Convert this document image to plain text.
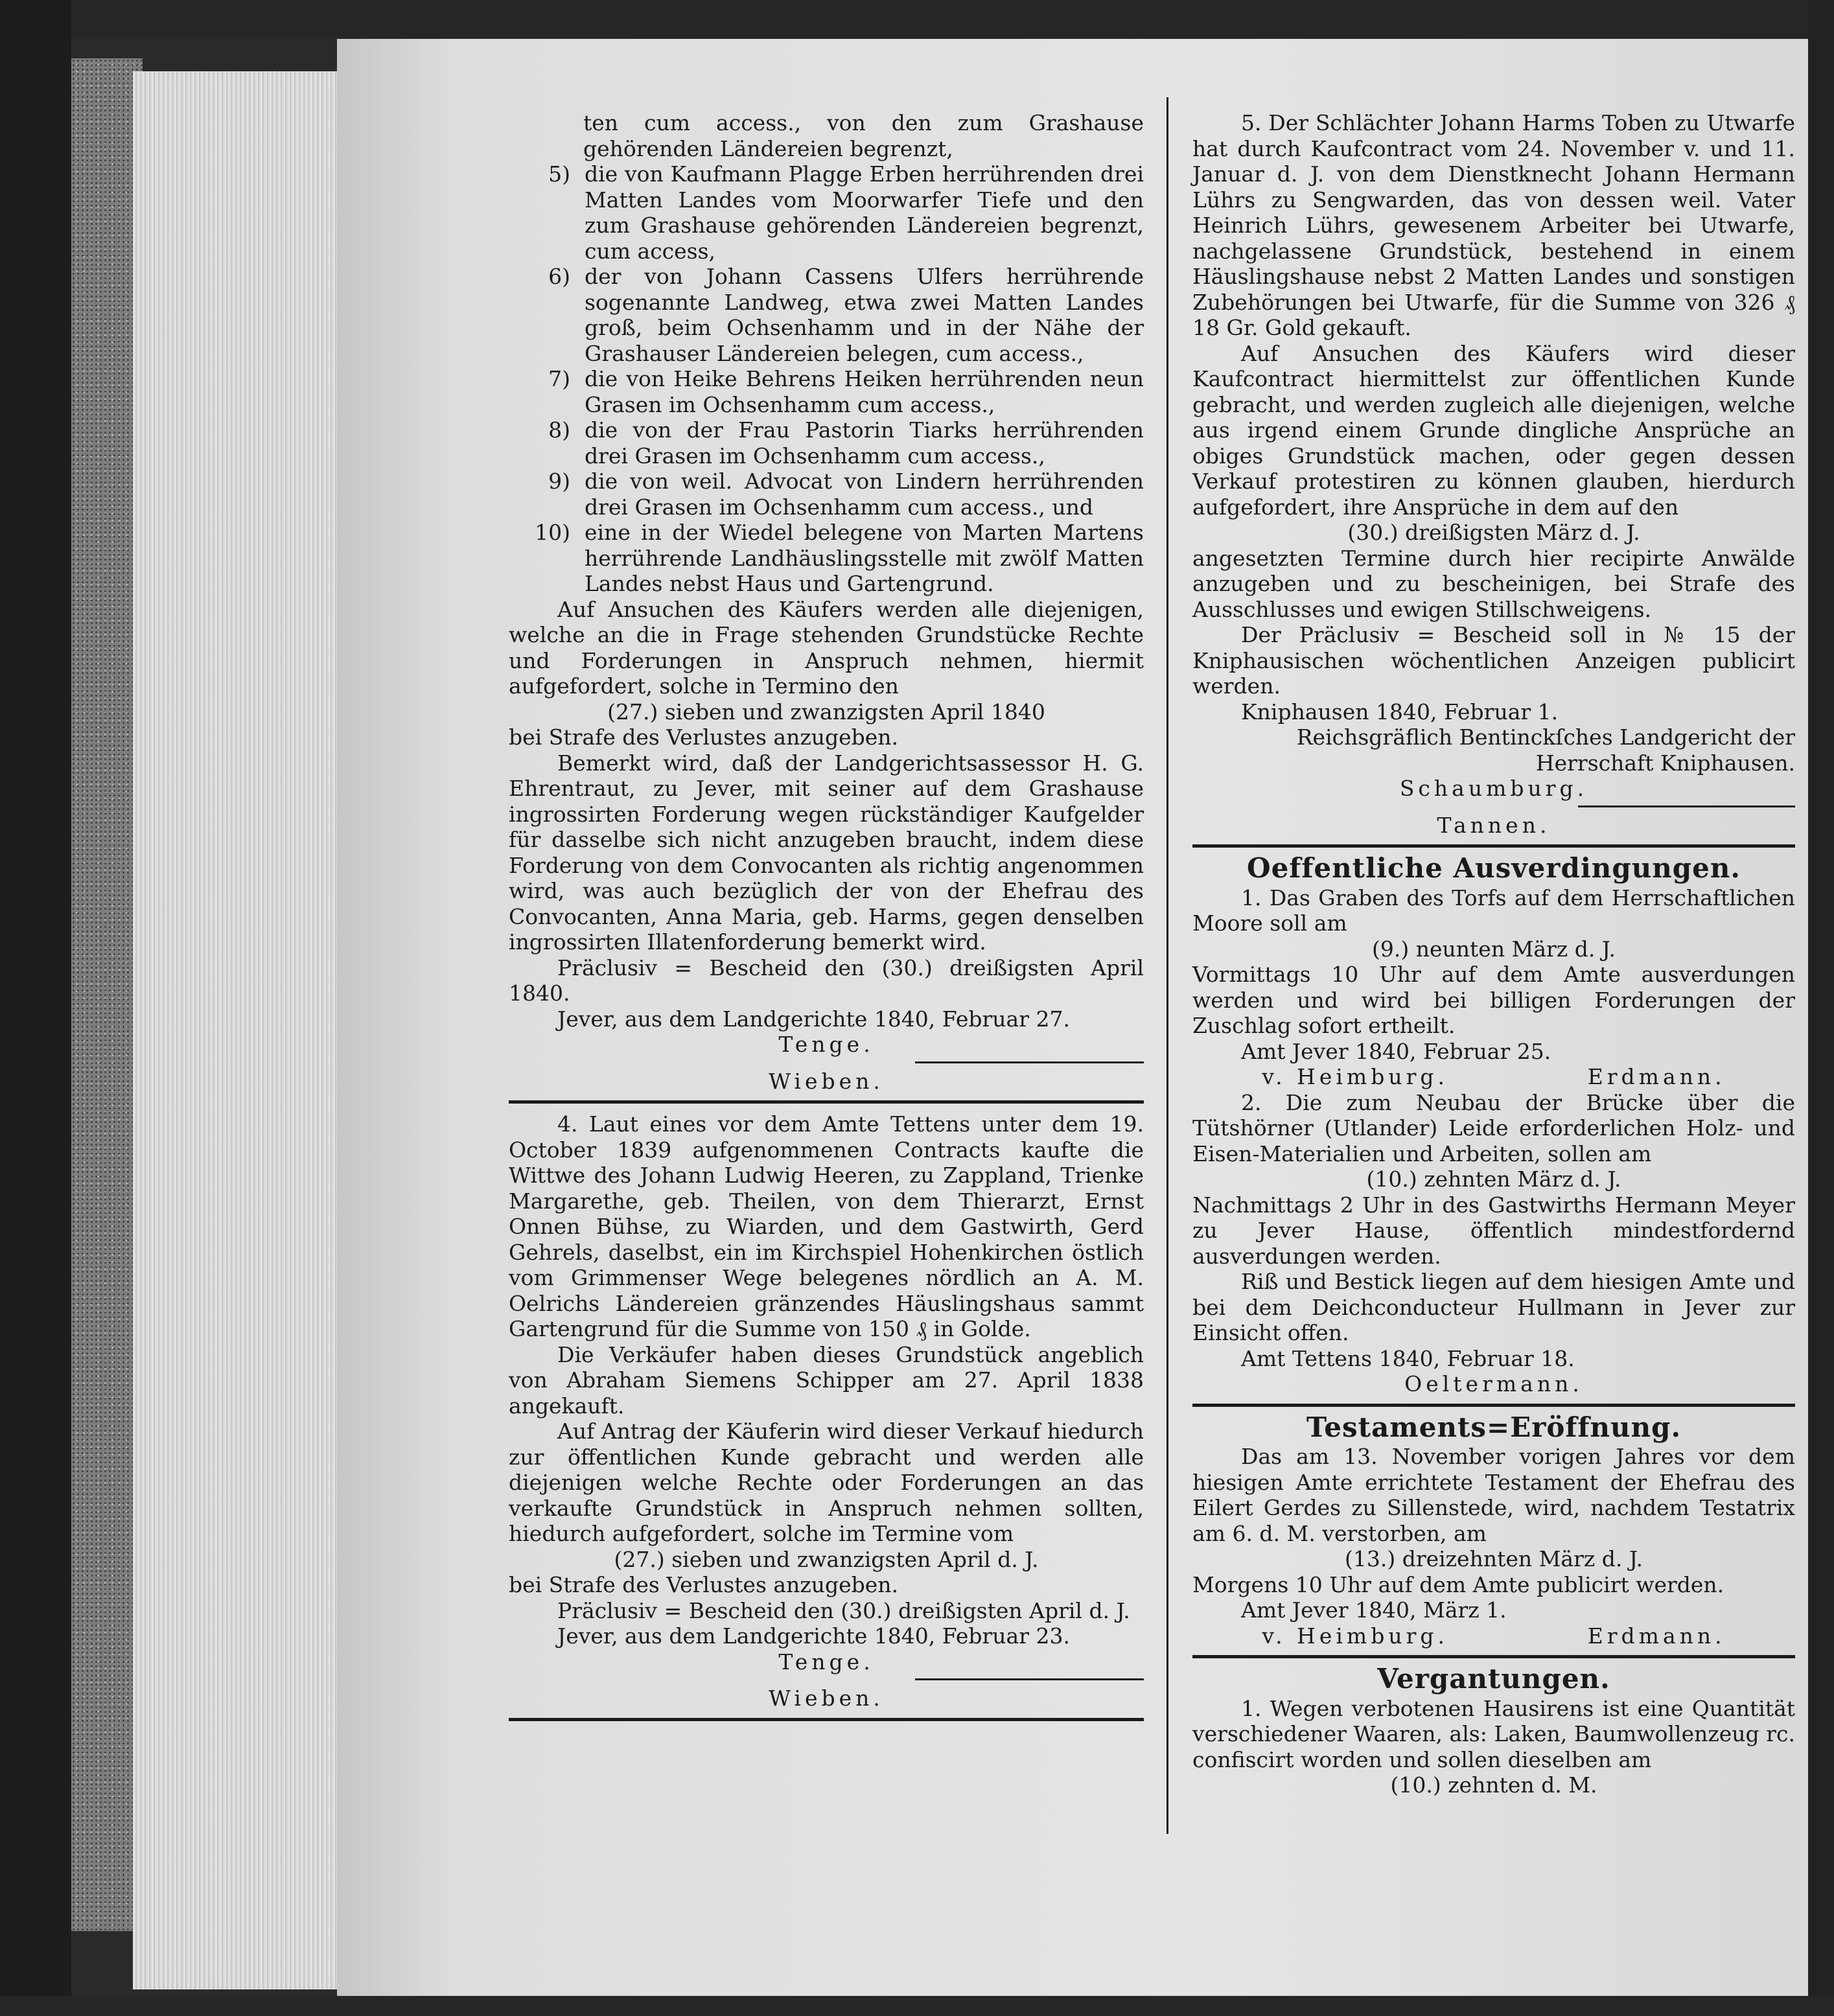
ten cum access., von den zum Grashause gehörenden Ländereien begrenzt,

5) die von Kaufmann Plagge Erben herrührenden drei Matten Landes vom Moorwarfer Tiefe und den zum Grashause gehörenden Ländereien begrenzt, cum access,
6) der von Johann Cassens Ulfers herrührende sogenannte Landweg, etwa zwei Matten Landes groß, beim Ochsenhamm und in der Nähe der Grashauser Ländereien belegen, cum access.,
7) die von Heike Behrens Heiken herrührenden neun Grasen im Ochsenhamm cum access.,
8) die von der Frau Pastorin Tiarks herrührenden drei Grasen im Ochsenhamm cum access.,
9) die von weil. Advocat von Lindern herrührenden drei Grasen im Ochsenhamm cum access., und
10) eine in der Wiedel belegene von Marten Martens herrührende Landhäuslingsstelle mit zwölf Matten Landes nebst Haus und Gartengrund.

Auf Ansuchen des Käufers werden alle diejenigen, welche an die in Frage stehenden Grundstücke Rechte und Forderungen in Anspruch nehmen, hiermit aufgefordert, solche in Termino den

(27.) sieben und zwanzigsten April 1840

bei Strafe des Verlustes anzugeben.

Bemerkt wird, daß der Landgerichtsassessor H. G. Ehrentraut, zu Jever, mit seiner auf dem Grashause ingrossirten Forderung wegen rückständiger Kaufgelder für dasselbe sich nicht anzugeben braucht, indem diese Forderung von dem Convocanten als richtig angenommen wird, was auch bezüglich der von der Ehefrau des Convocanten, Anna Maria, geb. Harms, gegen denselben ingrossirten Illatenforderung bemerkt wird.

Präclusiv = Bescheid den (30.) dreißigsten April 1840.

Jever, aus dem Landgerichte 1840, Februar 27.

Tenge.

Wieben.

4. Laut eines vor dem Amte Tettens unter dem 19. October 1839 aufgenommenen Contracts kaufte die Wittwe des Johann Ludwig Heeren, zu Zappland, Trienke Margarethe, geb. Theilen, von dem Thierarzt, Ernst Onnen Bühse, zu Wiarden, und dem Gastwirth, Gerd Gehrels, daselbst, ein im Kirchspiel Hohenkirchen östlich vom Grimmenser Wege belegenes nördlich an A. M. Oelrichs Ländereien gränzendes Häuslingshaus sammt Gartengrund für die Summe von 150 ₰ in Golde.

Die Verkäufer haben dieses Grundstück angeblich von Abraham Siemens Schipper am 27. April 1838 angekauft.

Auf Antrag der Käuferin wird dieser Verkauf hiedurch zur öffentlichen Kunde gebracht und werden alle diejenigen welche Rechte oder Forderungen an das verkaufte Grundstück in Anspruch nehmen sollten, hiedurch aufgefordert, solche im Termine vom

(27.) sieben und zwanzigsten April d. J.

bei Strafe des Verlustes anzugeben.

Präclusiv = Bescheid den (30.) dreißigsten April d. J.

Jever, aus dem Landgerichte 1840, Februar 23.

Tenge.

Wieben.

5. Der Schlächter Johann Harms Toben zu Utwarfe hat durch Kaufcontract vom 24. November v. und 11. Januar d. J. von dem Dienstknecht Johann Hermann Lührs zu Sengwarden, das von dessen weil. Vater Heinrich Lührs, gewesenem Arbeiter bei Utwarfe, nachgelassene Grundstück, bestehend in einem Häuslingshause nebst 2 Matten Landes und sonstigen Zubehörungen bei Utwarfe, für die Summe von 326 ₰ 18 Gr. Gold gekauft.

Auf Ansuchen des Käufers wird dieser Kaufcontract hiermittelst zur öffentlichen Kunde gebracht, und werden zugleich alle diejenigen, welche aus irgend einem Grunde dingliche Ansprüche an obiges Grundstück machen, oder gegen dessen Verkauf protestiren zu können glauben, hierdurch aufgefordert, ihre Ansprüche in dem auf den

(30.) dreißigsten März d. J.

angesetzten Termine durch hier recipirte Anwälde anzugeben und zu bescheinigen, bei Strafe des Ausschlusses und ewigen Stillschweigens.

Der Präclusiv = Bescheid soll in № 15 der Kniphausischen wöchentlichen Anzeigen publicirt werden.

Kniphausen 1840, Februar 1.

Reichsgräflich Bentinckſches Landgericht der Herrschaft Kniphausen.

Schaumburg.

Tannen.

Oeffentliche Ausverdingungen.

1. Das Graben des Torfs auf dem Herrschaftlichen Moore soll am

(9.) neunten März d. J.

Vormittags 10 Uhr auf dem Amte ausverdungen werden und wird bei billigen Forderungen der Zuschlag sofort ertheilt.

Amt Jever 1840, Februar 25.

v. Heimburg.	Erdmann.

2. Die zum Neubau der Brücke über die Tütshörner (Utlander) Leide erforderlichen Holz- und Eisen-Materialien und Arbeiten, sollen am

(10.) zehnten März d. J.

Nachmittags 2 Uhr in des Gastwirths Hermann Meyer zu Jever Hause, öffentlich mindestfordernd ausverdungen werden.

Riß und Bestick liegen auf dem hiesigen Amte und bei dem Deichconducteur Hullmann in Jever zur Einsicht offen.

Amt Tettens 1840, Februar 18.

Oeltermann.

Testaments=Eröffnung.

Das am 13. November vorigen Jahres vor dem hiesigen Amte errichtete Testament der Ehefrau des Eilert Gerdes zu Sillenstede, wird, nachdem Testatrix am 6. d. M. verstorben, am

(13.) dreizehnten März d. J.

Morgens 10 Uhr auf dem Amte publicirt werden.

Amt Jever 1840, März 1.

v. Heimburg.	Erdmann.

Vergantungen.

1. Wegen verbotenen Hausirens ist eine Quantität verschiedener Waaren, als: Laken, Baumwollenzeug rc. confiscirt worden und sollen dieselben am

(10.) zehnten d. M.
